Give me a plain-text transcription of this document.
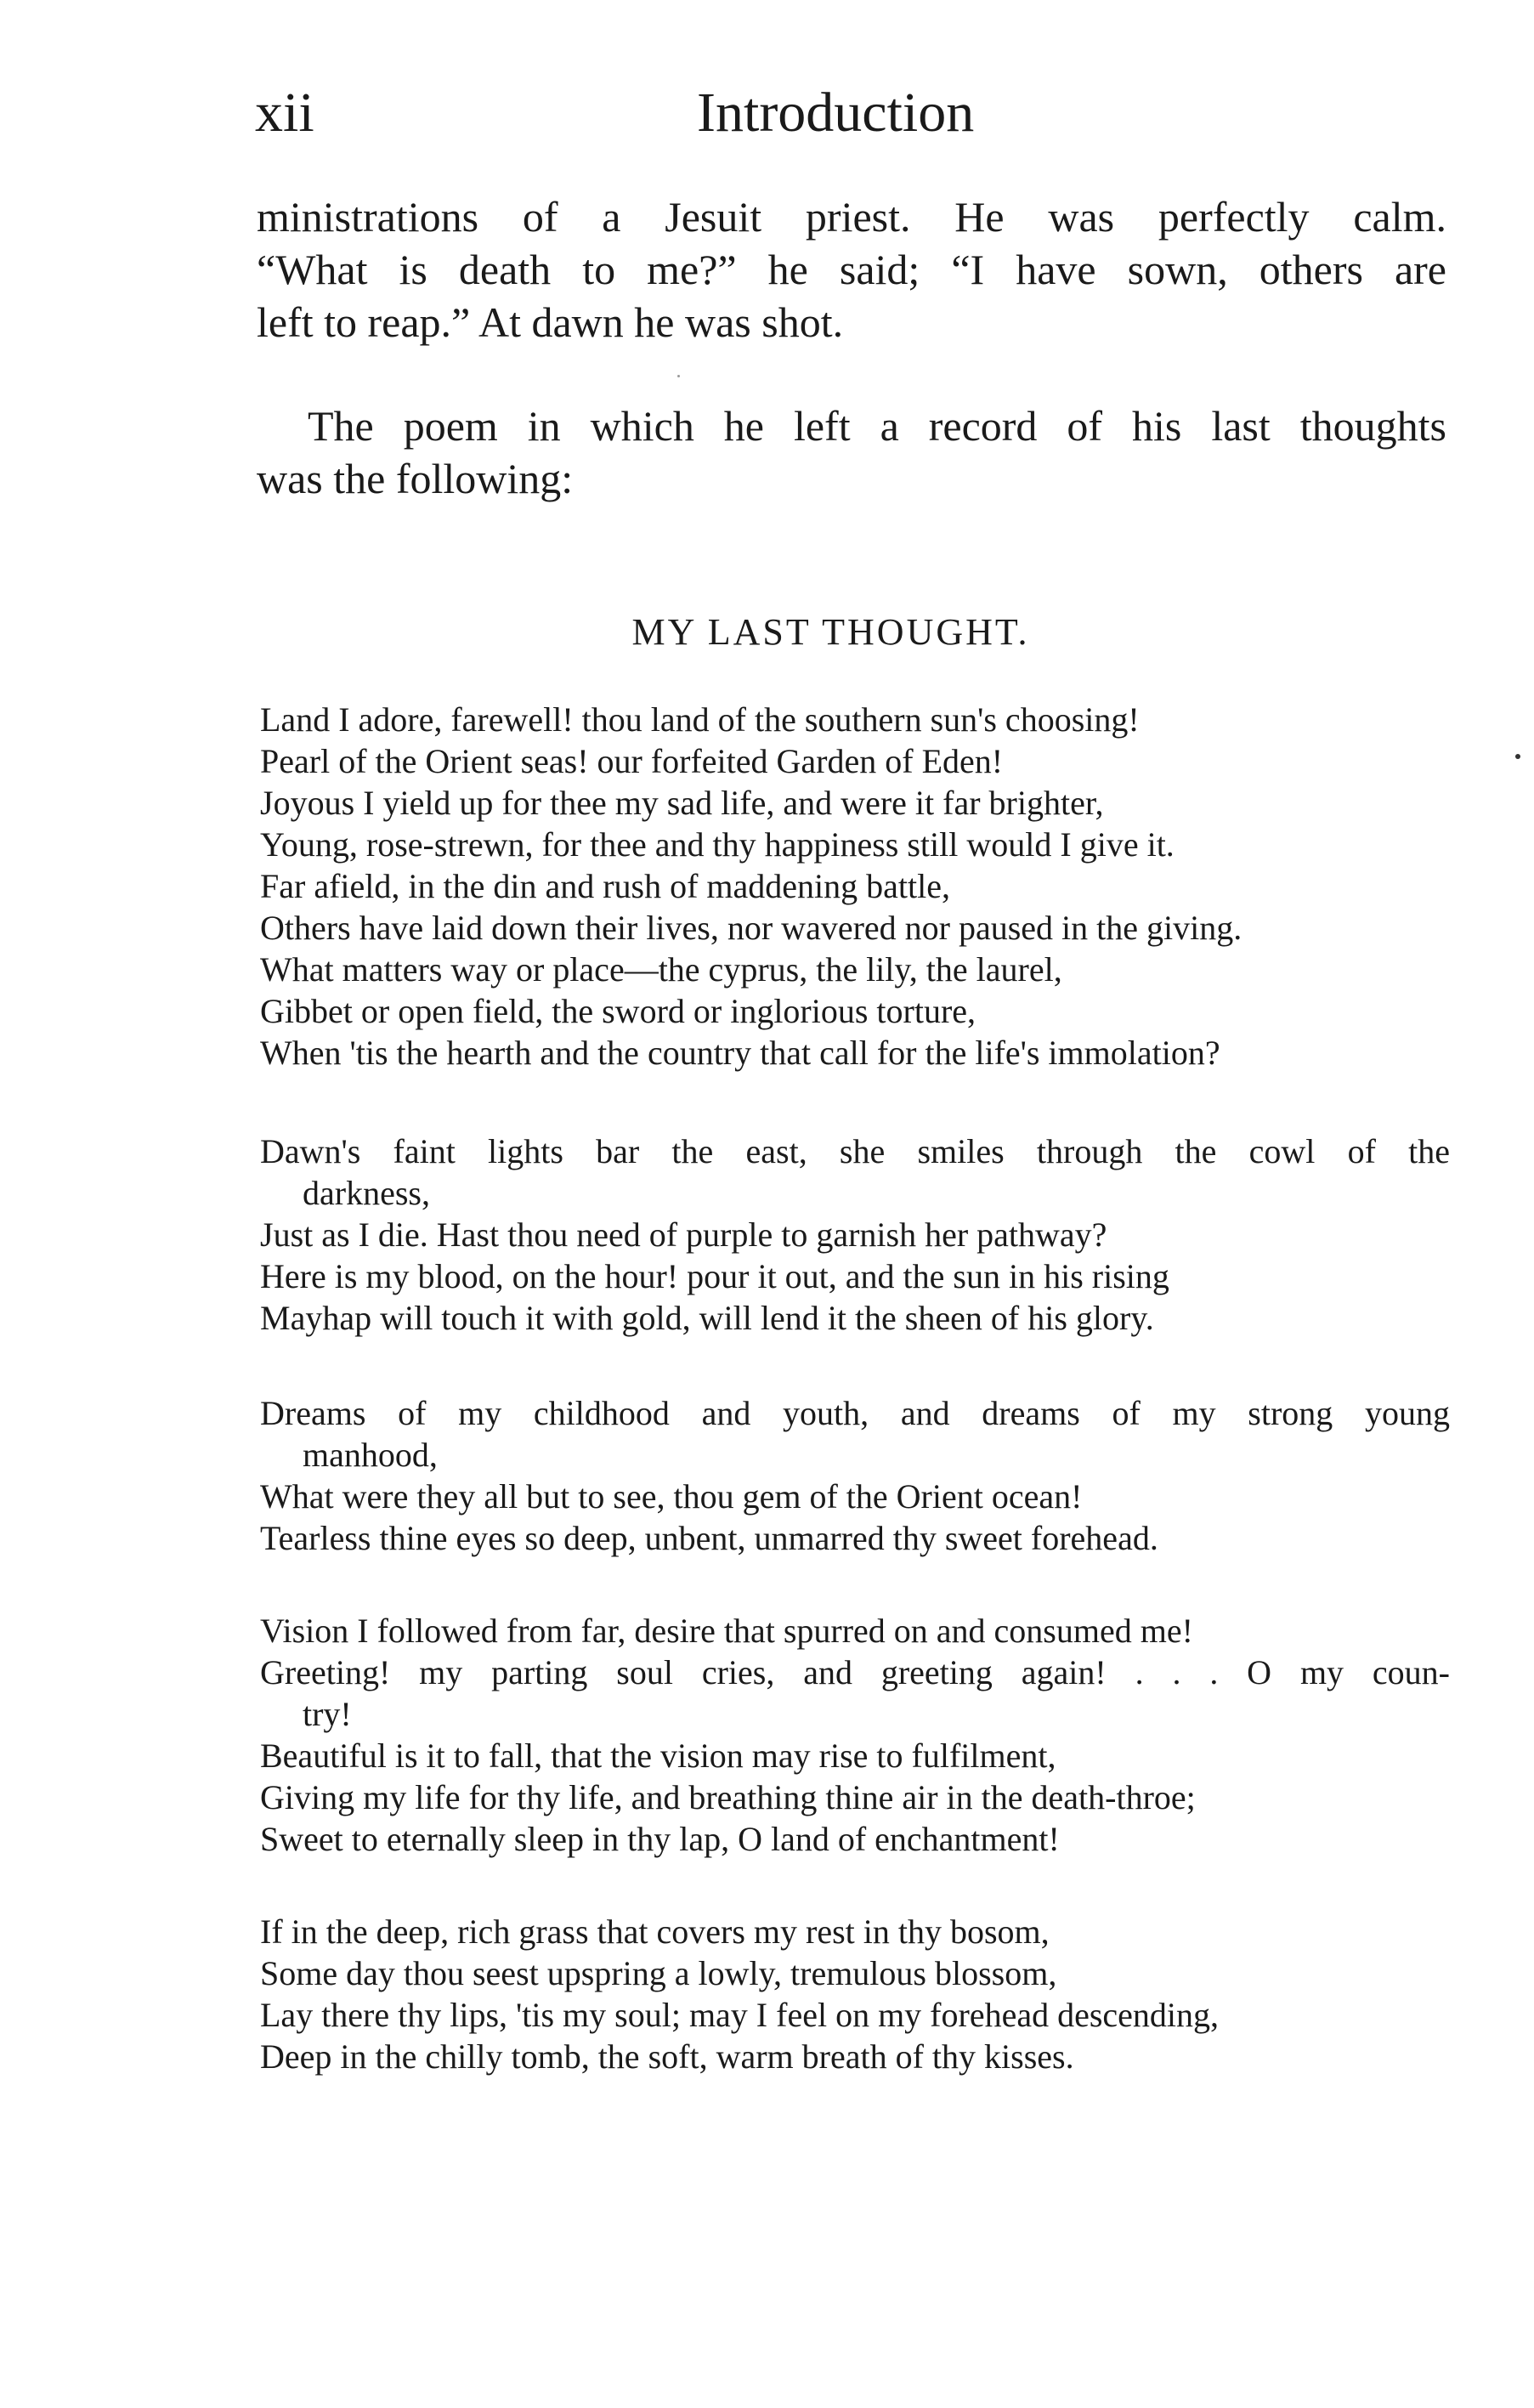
xii	Introduction
ministrations of a Jesuit priest. He was perfectly calm.
“What is death to me?” he said; “I have sown, others are
left to reap.” At dawn he was shot.
The poem in which he left a record of his last thoughts
was the following:
MY LAST THOUGHT.
Land I adore, farewell! thou land of the southern sun's choosing!
Pearl of the Orient seas! our forfeited Garden of Eden!
Joyous I yield up for thee my sad life, and were it far brighter,
Young, rose-strewn, for thee and thy happiness still would I give it.
Far afield, in the din and rush of maddening battle,
Others have laid down their lives, nor wavered nor paused in the giving.
What matters way or place—the cyprus, the lily, the laurel,
Gibbet or open field, the sword or inglorious torture,
When 'tis the hearth and the country that call for the life's immolation?
Dawn's faint lights bar the east, she smiles through the cowl of the
darkness,
Just as I die. Hast thou need of purple to garnish her pathway?
Here is my blood, on the hour! pour it out, and the sun in his rising
Mayhap will touch it with gold, will lend it the sheen of his glory.
Dreams of my childhood and youth, and dreams of my strong young
manhood,
What were they all but to see, thou gem of the Orient ocean!
Tearless thine eyes so deep, unbent, unmarred thy sweet forehead.
Vision I followed from far, desire that spurred on and consumed me!
Greeting! my parting soul cries, and greeting again! . . . O my coun-
try!
Beautiful is it to fall, that the vision may rise to fulfilment,
Giving my life for thy life, and breathing thine air in the death-throe;
Sweet to eternally sleep in thy lap, O land of enchantment!
If in the deep, rich grass that covers my rest in thy bosom,
Some day thou seest upspring a lowly, tremulous blossom,
Lay there thy lips, 'tis my soul; may I feel on my forehead descending,
Deep in the chilly tomb, the soft, warm breath of thy kisses.
